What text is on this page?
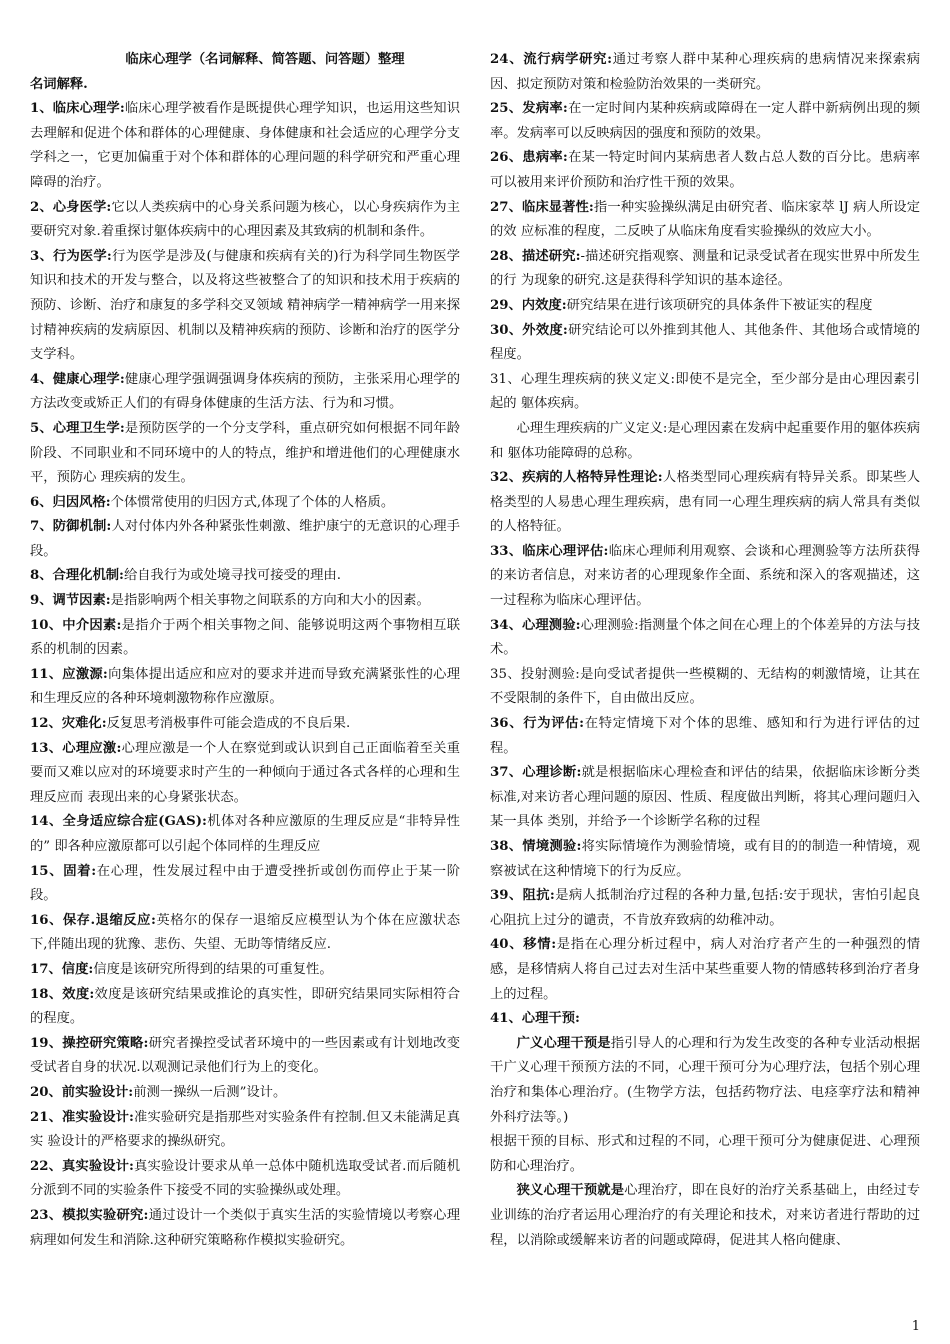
临床心理学（名词解释、简答题、问答题）整理

名词解释.

1、临床心理学:临床心理学被看作是既提供心理学知识，也运用这些知识去理解和促进个体和群体的心理健康、身体健康和社会适应的心理学分支学科之一，它更加偏重于对个体和群体的心理问题的科学研究和严重心理障碍的治疗。

2、心身医学:它以人类疾病中的心身关系问题为核心，以心身疾病作为主要研究对象.着重探讨躯体疾病中的心理因素及其致病的机制和条件。

3、行为医学:行为医学是涉及(与健康和疾病有关的)行为科学同生物医学知识和技术的开发与整合，以及将这些被整合了的知识和技术用于疾病的预防、诊断、治疗和康复的多学科交叉领域 精神病学一精神病学一用来探讨精神疾病的发病原因、机制以及精神疾病的预防、诊断和治疗的医学分支学科。

4、健康心理学:健康心理学强调强调身体疾病的预防，主张采用心理学的方法改变或矫正人们的有碍身体健康的生活方法、行为和习惯。

5、心理卫生学:是预防医学的一个分支学科，重点研究如何根据不同年龄阶段、不同职业和不同环境中的人的特点，维护和增进他们的心理健康水平，预防心 理疾病的发生。

6、归因风格:个体惯常使用的归因方式,体现了个体的人格质。

7、防御机制:人对付体内外各种紧张性刺激、维护康宁的无意识的心理手段。

8、合理化机制:给自我行为或处境寻找可接受的理由.

9、调节因素:是指影响两个相关事物之间联系的方向和大小的因素。

10、中介因素:是指介于两个相关事物之间、能够说明这两个事物相互联系的机制的因素。

11、应激源:向集体提出适应和应对的要求并进而导致充满紧张性的心理和生理反应的各种环境刺激物称作应激原。

12、灾难化:反复思考消极事件可能会造成的不良后果.

13、心理应激:心理应激是一个人在察觉到或认识到自己正面临着至关重要而又难以应对的环境要求时产生的一种倾向于通过各式各样的心理和生理反应而 表现出来的心身紧张状态。

14、全身适应综合症(GAS):机体对各种应激原的生理反应是“非特异性的” 即各种应激原都可以引起个体同样的生理反应

15、固着:在心理，性发展过程中由于遭受挫折或创伤而停止于某一阶段。

16、保存.退缩反应:英格尔的保存一退缩反应模型认为个体在应激状态下,伴随出现的犹豫、悲伤、失望、无助等情绪反应.

17、信度:信度是该研究所得到的结果的可重复性。

18、效度:效度是该研究结果或推论的真实性，即研究结果同实际相符合的程度。

19、操控研究策略:研究者操控受试者环境中的一些因素或有计划地改变受试者自身的状况.以观测记录他们行为上的变化。

20、前实验设计:前测一操纵一后测”设计。

21、准实验设计:准实验研究是指那些对实验条件有控制.但又未能满足真实 验设计的严格要求的操纵研究。

22、真实验设计:真实验设计要求从单一总体中随机选取受试者.而后随机分派到不同的实验条件下接受不同的实验操纵或处理。

23、模拟实验研究:通过设计一个类似于真实生活的实验情境以考察心理病理如何发生和消除.这种研究策略称作模拟实验研究。

24、流行病学研究:通过考察人群中某种心理疾病的患病情况来探索病因、拟定预防对策和检验防治效果的一类研究。

25、发病率:在一定时间内某种疾病或障碍在一定人群中新病例出现的频率。发病率可以反映病因的强度和预防的效果。

26、患病率:在某一特定时间内某病患者人数占总人数的百分比。患病率可以被用来评价预防和治疗性干预的效果。

27、临床显著性:指一种实验操纵满足由研究者、临床家萃 lJ 病人所设定的效 应标准的程度，二反映了从临床角度看实验操纵的效应大小。

28、描述研究:-描述研究指观察、测量和记录受试者在现实世界中所发生的行 为现象的研究.这是获得科学知识的基本途径。

29、内效度:研究结果在进行该项研究的具体条件下被证实的程度

30、外效度:研究结论可以外推到其他人、其他条件、其他场合或情境的程度。

31、心理生理疾病的狭义定义:即使不是完全，至少部分是由心理因素引起的 躯体疾病。

心理生理疾病的广义定义:是心理因素在发病中起重要作用的躯体疾病和 躯体功能障碍的总称。

32、疾病的人格特异性理论:人格类型同心理疾病有特异关系。即某些人格类型的人易患心理生理疾病，患有同一心理生理疾病的病人常具有类似的人格特征。

33、临床心理评估:临床心理师利用观察、会谈和心理测验等方法所获得的来访者信息，对来访者的心理现象作全面、系统和深入的客观描述，这一过程称为临床心理评估。

34、心理测验:心理测验:指测量个体之间在心理上的个体差异的方法与技术。

35、投射测验:是向受试者提供一些模糊的、无结构的刺激情境，让其在不受限制的条件下，自由做出反应。

36、行为评估:在特定情境下对个体的思维、感知和行为进行评估的过程。

37、心理诊断:就是根据临床心理检查和评估的结果，依据临床诊断分类标准,对来访者心理问题的原因、性质、程度做出判断，将其心理问题归入某一具体 类别，并给予一个诊断学名称的过程

38、情境测验:将实际情境作为测验情境，或有目的的制造一种情境，观察被试在这种情境下的行为反应。

39、阻抗:是病人抵制治疗过程的各种力量,包括:安于现状，害怕引起良心阻抗上过分的谴责，不肯放弃致病的幼稚冲动。

40、移情:是指在心理分析过程中，病人对治疗者产生的一种强烈的情感，是移情病人将自己过去对生活中某些重要人物的情感转移到治疗者身上的过程。

41、心理干预:

广义心理干预是指引导人的心理和行为发生改变的各种专业活动根据干广义心理干预预方法的不同，心理干预可分为心理疗法，包括个别心理治疗和集体心理治疗。(生物学方法，包括药物疗法、电痉挛疗法和精神外科疗法等。)

根据干预的目标、形式和过程的不同，心理干预可分为健康促进、心理预防和心理治疗。

狭义心理干预就是心理治疗，即在良好的治疗关系基础上，由经过专业训练的治疗者运用心理治疗的有关理论和技术，对来访者进行帮助的过程，以消除或缓解来访者的问题或障碍，促进其人格向健康、

1
